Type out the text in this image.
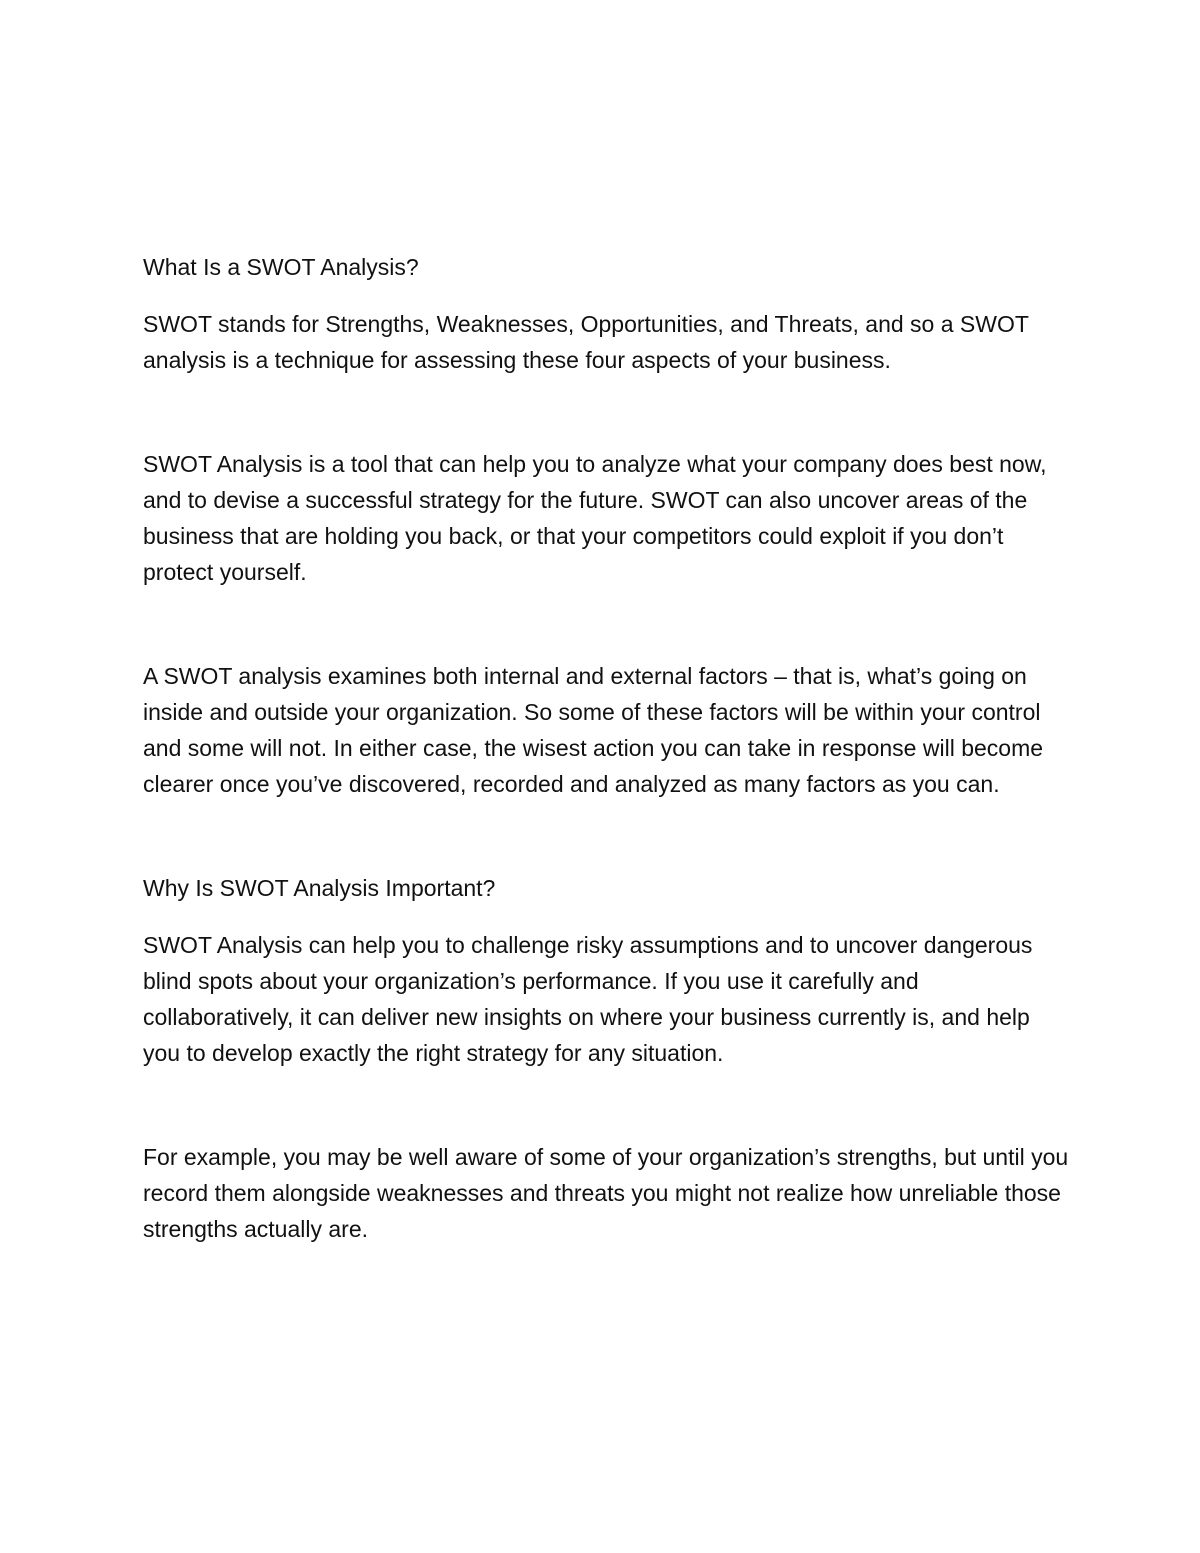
What Is a SWOT Analysis?

SWOT stands for Strengths, Weaknesses, Opportunities, and Threats, and so a SWOT analysis is a technique for assessing these four aspects of your business.

SWOT Analysis is a tool that can help you to analyze what your company does best now, and to devise a successful strategy for the future. SWOT can also uncover areas of the business that are holding you back, or that your competitors could exploit if you don’t protect yourself.

A SWOT analysis examines both internal and external factors – that is, what’s going on inside and outside your organization. So some of these factors will be within your control and some will not. In either case, the wisest action you can take in response will become clearer once you’ve discovered, recorded and analyzed as many factors as you can.

Why Is SWOT Analysis Important?

SWOT Analysis can help you to challenge risky assumptions and to uncover dangerous blind spots about your organization’s performance. If you use it carefully and collaboratively, it can deliver new insights on where your business currently is, and help you to develop exactly the right strategy for any situation.

For example, you may be well aware of some of your organization’s strengths, but until you record them alongside weaknesses and threats you might not realize how unreliable those strengths actually are.
